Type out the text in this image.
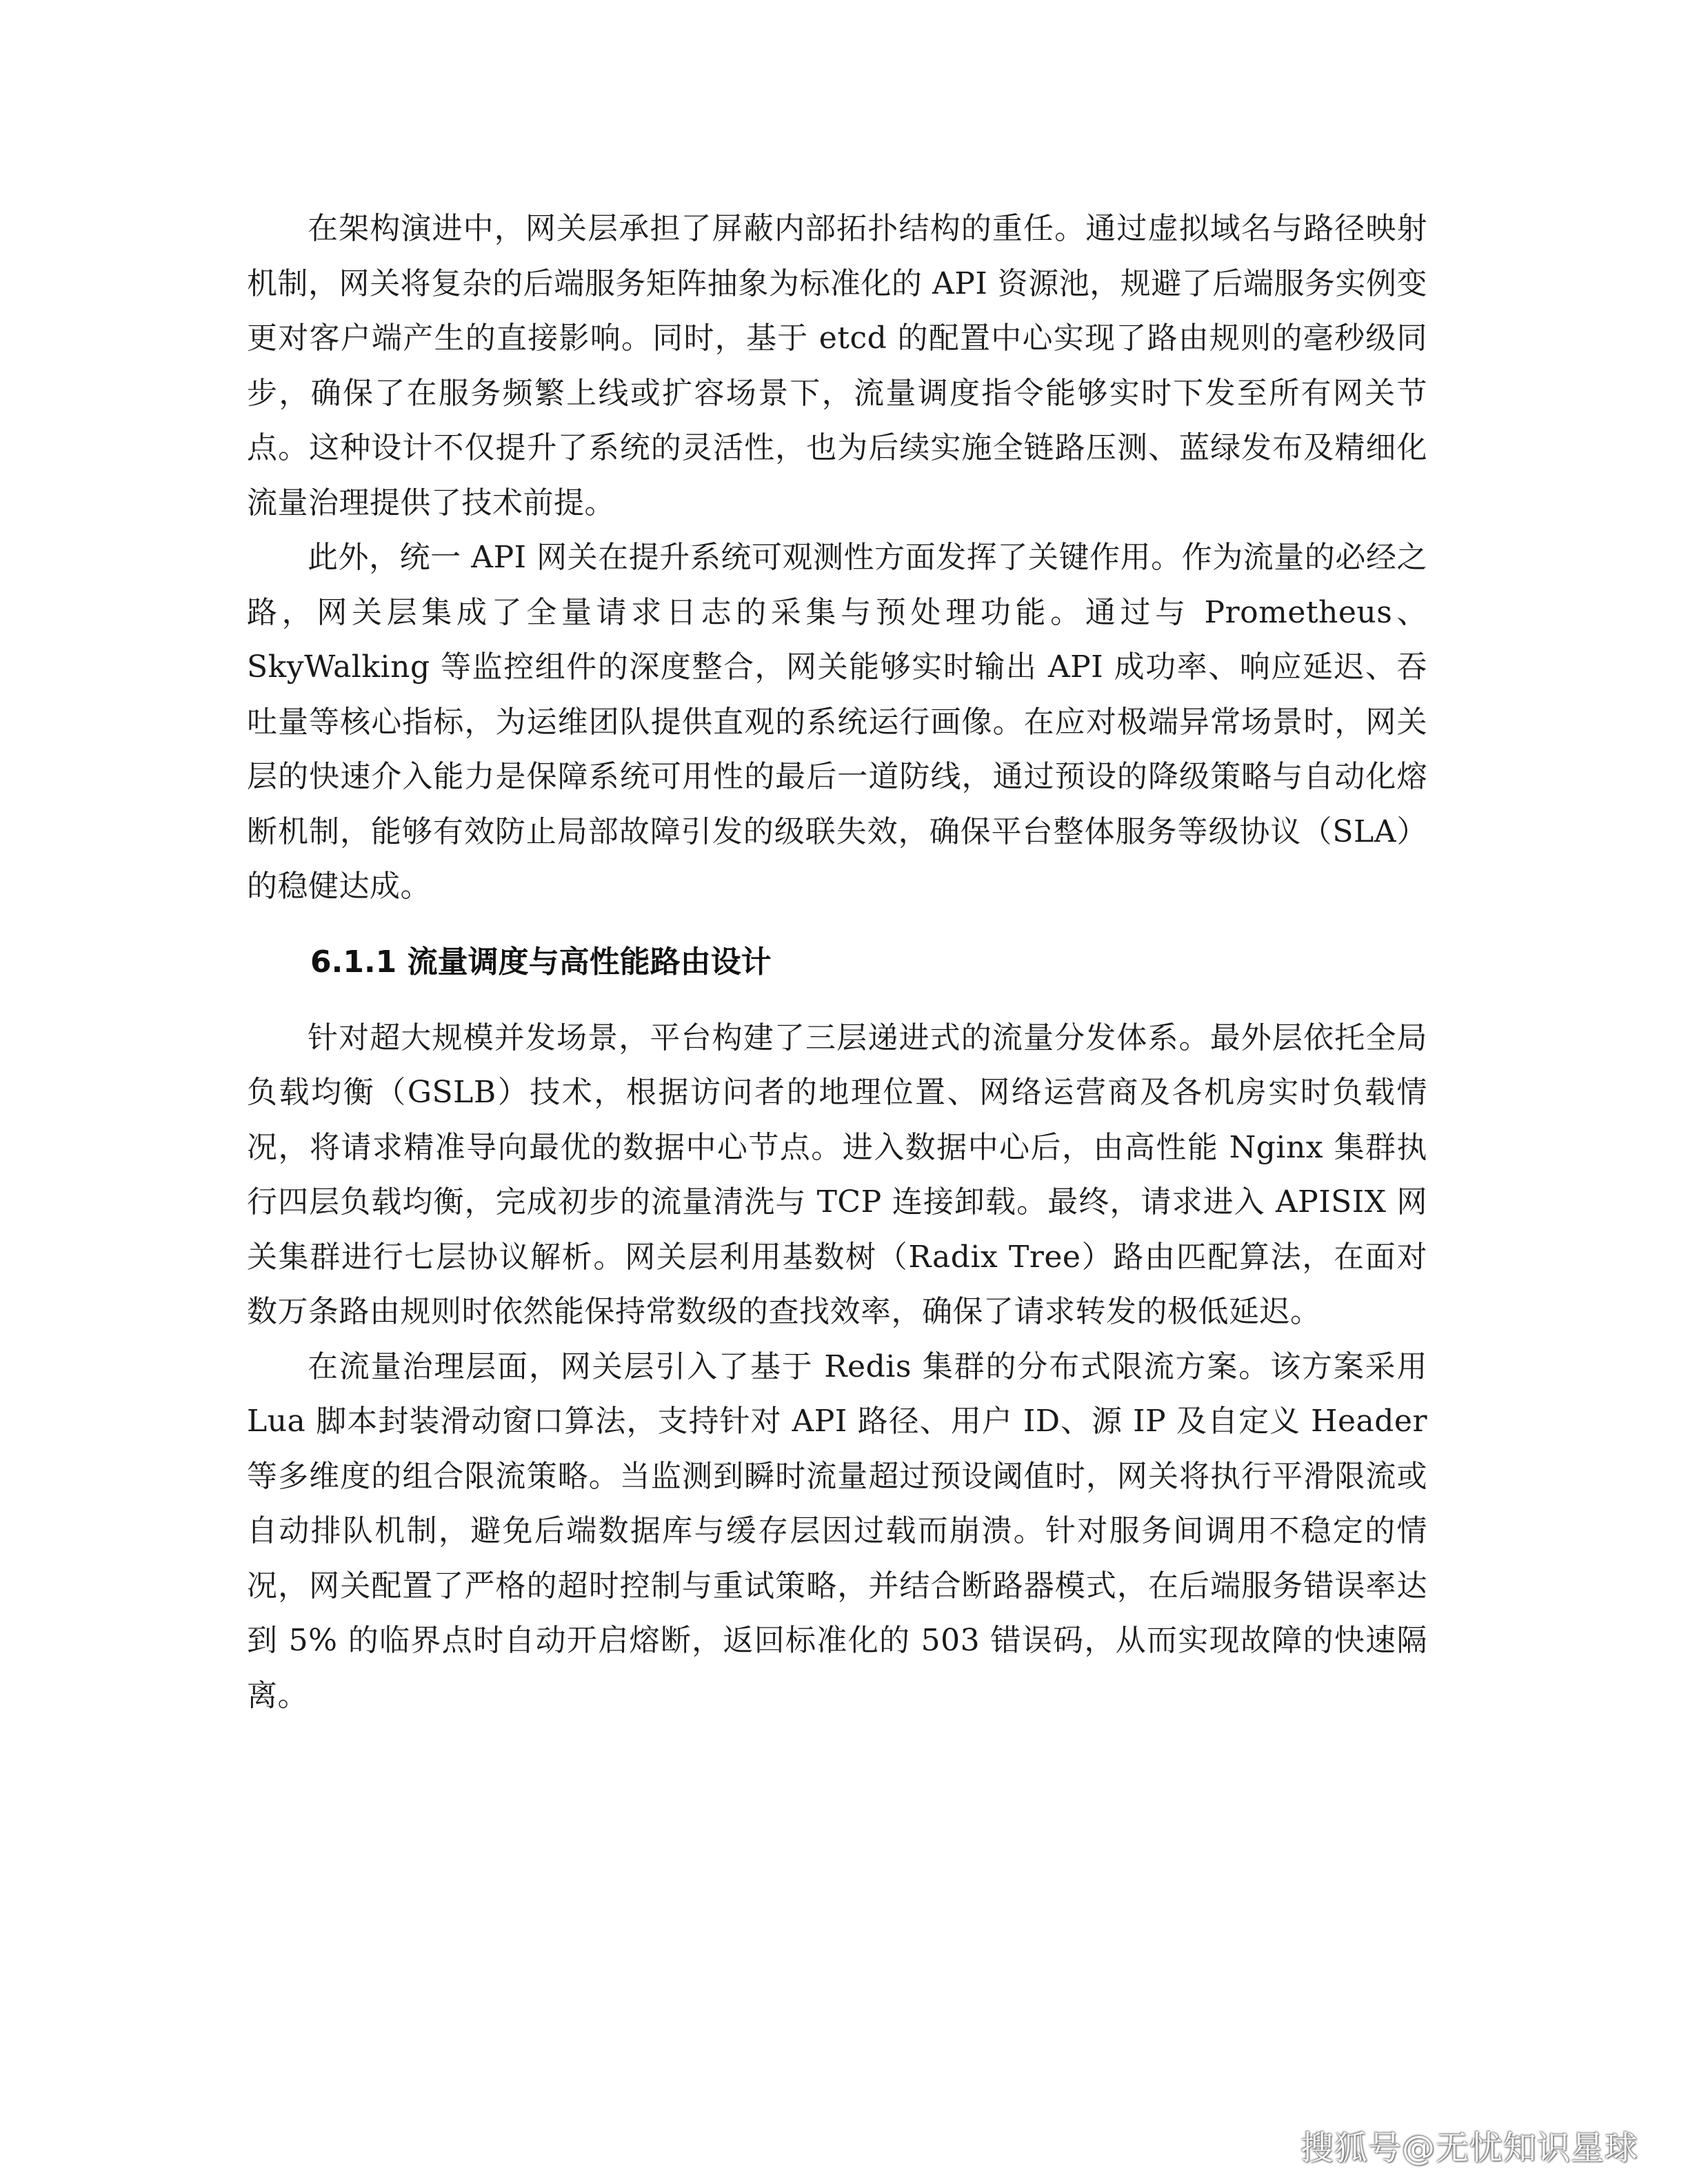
在架构演进中，网关层承担了屏蔽内部拓扑结构的重任。通过虚拟域名与路径映射机制，网关将复杂的后端服务矩阵抽象为标准化的 API 资源池，规避了后端服务实例变更对客户端产生的直接影响。同时，基于 etcd 的配置中心实现了路由规则的毫秒级同步，确保了在服务频繁上线或扩容场景下，流量调度指令能够实时下发至所有网关节点。这种设计不仅提升了系统的灵活性，也为后续实施全链路压测、蓝绿发布及精细化流量治理提供了技术前提。

此外，统一 API 网关在提升系统可观测性方面发挥了关键作用。作为流量的必经之路，网关层集成了全量请求日志的采集与预处理功能。通过与 Prometheus、SkyWalking 等监控组件的深度整合，网关能够实时输出 API 成功率、响应延迟、吞吐量等核心指标，为运维团队提供直观的系统运行画像。在应对极端异常场景时，网关层的快速介入能力是保障系统可用性的最后一道防线，通过预设的降级策略与自动化熔断机制，能够有效防止局部故障引发的级联失效，确保平台整体服务等级协议（SLA）的稳健达成。

6.1.1 流量调度与高性能路由设计

针对超大规模并发场景，平台构建了三层递进式的流量分发体系。最外层依托全局负载均衡（GSLB）技术，根据访问者的地理位置、网络运营商及各机房实时负载情况，将请求精准导向最优的数据中心节点。进入数据中心后，由高性能 Nginx 集群执行四层负载均衡，完成初步的流量清洗与 TCP 连接卸载。最终，请求进入 APISIX 网关集群进行七层协议解析。网关层利用基数树（Radix Tree）路由匹配算法，在面对数万条路由规则时依然能保持常数级的查找效率，确保了请求转发的极低延迟。

在流量治理层面，网关层引入了基于 Redis 集群的分布式限流方案。该方案采用 Lua 脚本封装滑动窗口算法，支持针对 API 路径、用户 ID、源 IP 及自定义 Header 等多维度的组合限流策略。当监测到瞬时流量超过预设阈值时，网关将执行平滑限流或自动排队机制，避免后端数据库与缓存层因过载而崩溃。针对服务间调用不稳定的情况，网关配置了严格的超时控制与重试策略，并结合断路器模式，在后端服务错误率达到 5% 的临界点时自动开启熔断，返回标准化的 503 错误码，从而实现故障的快速隔离。

搜狐号@无忧知识星球
